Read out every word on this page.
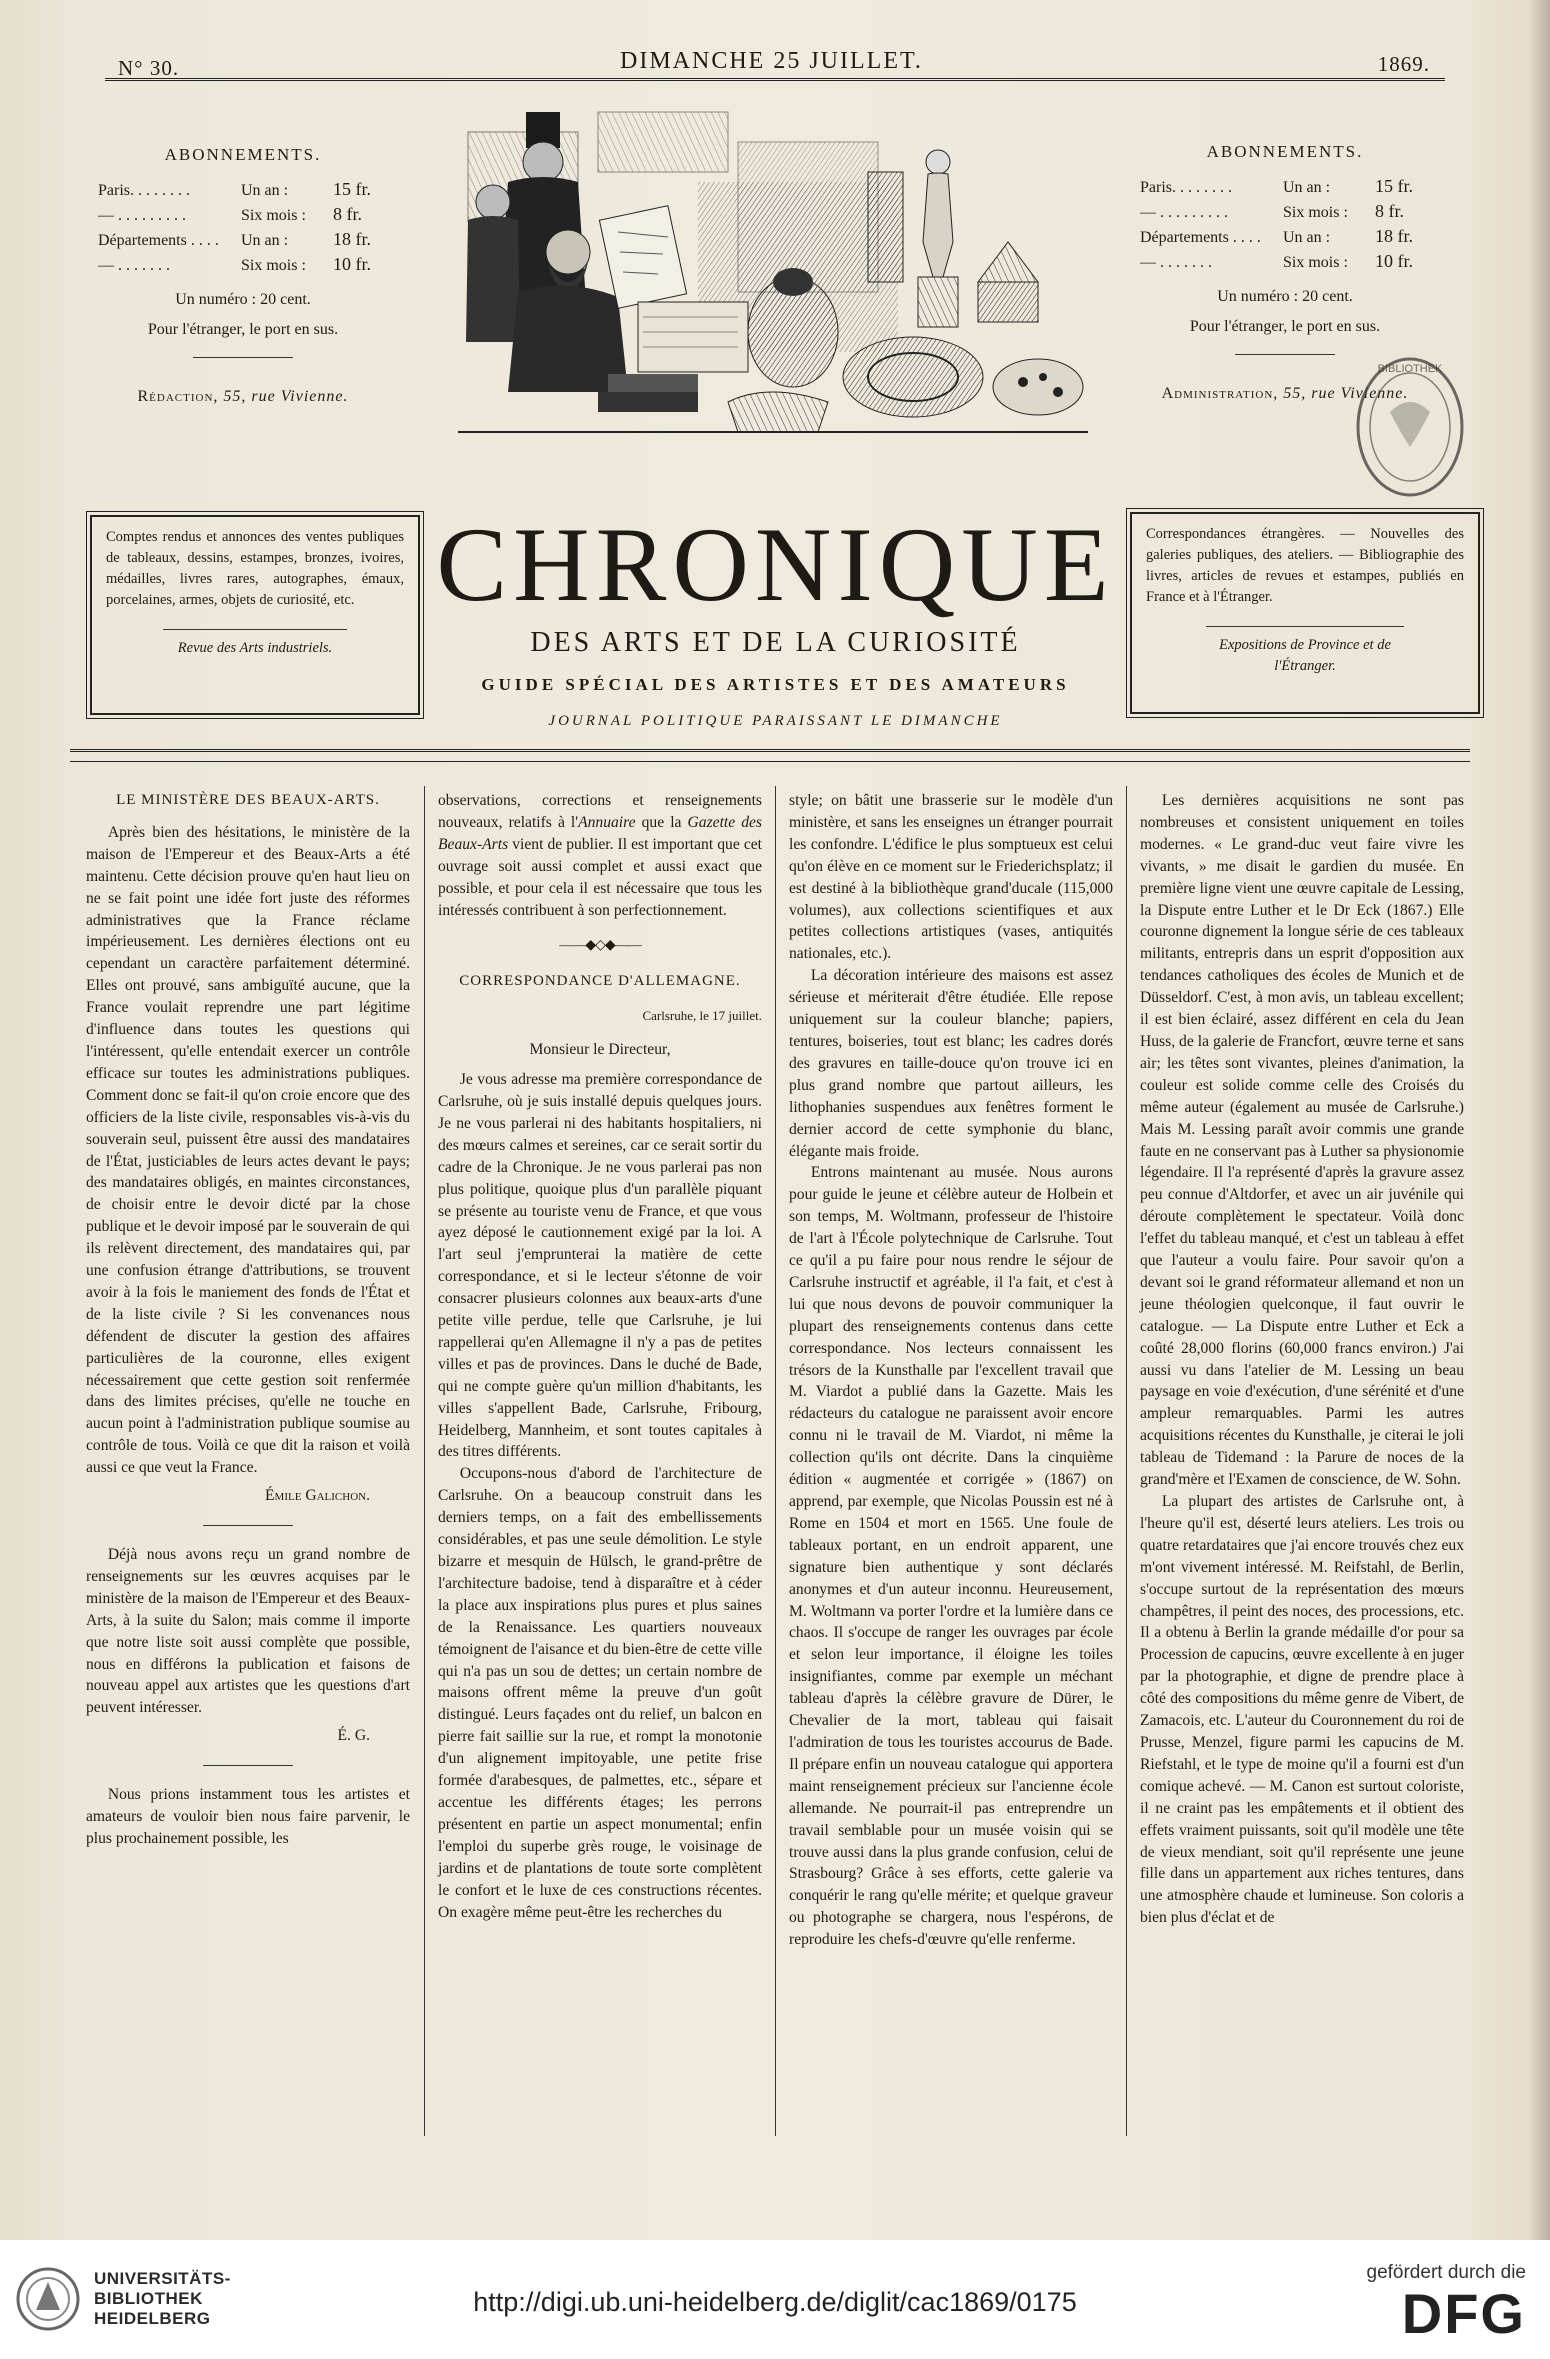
N° 30.	DIMANCHE 25 JUILLET.	1869.
ABONNEMENTS.
Paris. . . . . . . .	Un an :	15 fr.
— . . . . . . . . .	Six mois :	8 fr.
Départements . . . .	Un an :	18 fr.
— . . . . . . .	Six mois :	10 fr.
Un numéro : 20 cent.
Pour l'étranger, le port en sus.
Rédaction, 55, rue Vivienne.
ABONNEMENTS.
Paris. . . . . . . .	Un an :	15 fr.
— . . . . . . . . .	Six mois :	8 fr.
Départements . . . .	Un an :	18 fr.
— . . . . . . .	Six mois :	10 fr.
Un numéro : 20 cent.
Pour l'étranger, le port en sus.
Administration, 55, rue Vivienne.
BIBLIOTHEK
Comptes rendus et annonces des ventes publiques de tableaux, dessins, estampes, bronzes, ivoires, médailles, livres rares, autographes, émaux, porcelaines, armes, objets de curiosité, etc.
Revue des Arts industriels.
Correspondances étrangères. — Nouvelles des galeries publiques, des ateliers. — Bibliographie des livres, articles de revues et estampes, publiés en France et à l'Étranger.
Expositions de Province et de l'Étranger.
CHRONIQUE
DES ARTS ET DE LA CURIOSITÉ
GUIDE SPÉCIAL DES ARTISTES ET DES AMATEURS
JOURNAL POLITIQUE PARAISSANT LE DIMANCHE

LE MINISTÈRE DES BEAUX-ARTS.

Après bien des hésitations, le ministère de la maison de l'Empereur et des Beaux-Arts a été maintenu. Cette décision prouve qu'en haut lieu on ne se fait point une idée fort juste des réformes administratives que la France réclame impérieusement. Les dernières élections ont eu cependant un caractère parfaitement déterminé. Elles ont prouvé, sans ambiguïté aucune, que la France voulait reprendre une part légitime d'influence dans toutes les questions qui l'intéressent, qu'elle entendait exercer un contrôle efficace sur toutes les administrations publiques. Comment donc se fait-il qu'on croie encore que des officiers de la liste civile, responsables vis-à-vis du souverain seul, puissent être aussi des mandataires de l'État, justiciables de leurs actes devant le pays; des mandataires obligés, en maintes circonstances, de choisir entre le devoir dicté par la chose publique et le devoir imposé par le souverain de qui ils relèvent directement, des mandataires qui, par une confusion étrange d'attributions, se trouvent avoir à la fois le maniement des fonds de l'État et de la liste civile ? Si les convenances nous défendent de discuter la gestion des affaires particulières de la couronne, elles exigent nécessairement que cette gestion soit renfermée dans des limites précises, qu'elle ne touche en aucun point à l'administration publique soumise au contrôle de tous. Voilà ce que dit la raison et voilà aussi ce que veut la France.

Émile Galichon.

Déjà nous avons reçu un grand nombre de renseignements sur les œuvres acquises par le ministère de la maison de l'Empereur et des Beaux-Arts, à la suite du Salon; mais comme il importe que notre liste soit aussi complète que possible, nous en différons la publication et faisons de nouveau appel aux artistes que les questions d'art peuvent intéresser.

É. G.

Nous prions instamment tous les artistes et amateurs de vouloir bien nous faire parvenir, le plus prochainement possible, les

observations, corrections et renseignements nouveaux, relatifs à l'Annuaire que la Gazette des Beaux-Arts vient de publier. Il est important que cet ouvrage soit aussi complet et aussi exact que possible, et pour cela il est nécessaire que tous les intéressés contribuent à son perfectionnement.

——◆◇◆——

CORRESPONDANCE D'ALLEMAGNE.

Carlsruhe, le 17 juillet.

Monsieur le Directeur,

Je vous adresse ma première correspondance de Carlsruhe, où je suis installé depuis quelques jours. Je ne vous parlerai ni des habitants hospitaliers, ni des mœurs calmes et sereines, car ce serait sortir du cadre de la Chronique. Je ne vous parlerai pas non plus politique, quoique plus d'un parallèle piquant se présente au touriste venu de France, et que vous ayez déposé le cautionnement exigé par la loi. A l'art seul j'emprunterai la matière de cette correspondance, et si le lecteur s'étonne de voir consacrer plusieurs colonnes aux beaux-arts d'une petite ville perdue, telle que Carlsruhe, je lui rappellerai qu'en Allemagne il n'y a pas de petites villes et pas de provinces. Dans le duché de Bade, qui ne compte guère qu'un million d'habitants, les villes s'appellent Bade, Carlsruhe, Fribourg, Heidelberg, Mannheim, et sont toutes capitales à des titres différents.

Occupons-nous d'abord de l'architecture de Carlsruhe. On a beaucoup construit dans les derniers temps, on a fait des embellissements considérables, et pas une seule démolition. Le style bizarre et mesquin de Hülsch, le grand-prêtre de l'architecture badoise, tend à disparaître et à céder la place aux inspirations plus pures et plus saines de la Renaissance. Les quartiers nouveaux témoignent de l'aisance et du bien-être de cette ville qui n'a pas un sou de dettes; un certain nombre de maisons offrent même la preuve d'un goût distingué. Leurs façades ont du relief, un balcon en pierre fait saillie sur la rue, et rompt la monotonie d'un alignement impitoyable, une petite frise formée d'arabesques, de palmettes, etc., sépare et accentue les différents étages; les perrons présentent en partie un aspect monumental; enfin l'emploi du superbe grès rouge, le voisinage de jardins et de plantations de toute sorte complètent le confort et le luxe de ces constructions récentes. On exagère même peut-être les recherches du

style; on bâtit une brasserie sur le modèle d'un ministère, et sans les enseignes un étranger pourrait les confondre. L'édifice le plus somptueux est celui qu'on élève en ce moment sur le Friederichsplatz; il est destiné à la bibliothèque grand'ducale (115,000 volumes), aux collections scientifiques et aux petites collections artistiques (vases, antiquités nationales, etc.).

La décoration intérieure des maisons est assez sérieuse et mériterait d'être étudiée. Elle repose uniquement sur la couleur blanche; papiers, tentures, boiseries, tout est blanc; les cadres dorés des gravures en taille-douce qu'on trouve ici en plus grand nombre que partout ailleurs, les lithophanies suspendues aux fenêtres forment le dernier accord de cette symphonie du blanc, élégante mais froide.

Entrons maintenant au musée. Nous aurons pour guide le jeune et célèbre auteur de Holbein et son temps, M. Woltmann, professeur de l'histoire de l'art à l'École polytechnique de Carlsruhe. Tout ce qu'il a pu faire pour nous rendre le séjour de Carlsruhe instructif et agréable, il l'a fait, et c'est à lui que nous devons de pouvoir communiquer la plupart des renseignements contenus dans cette correspondance. Nos lecteurs connaissent les trésors de la Kunsthalle par l'excellent travail que M. Viardot a publié dans la Gazette. Mais les rédacteurs du catalogue ne paraissent avoir encore connu ni le travail de M. Viardot, ni même la collection qu'ils ont décrite. Dans la cinquième édition « augmentée et corrigée » (1867) on apprend, par exemple, que Nicolas Poussin est né à Rome en 1504 et mort en 1565. Une foule de tableaux portant, en un endroit apparent, une signature bien authentique y sont déclarés anonymes et d'un auteur inconnu. Heureusement, M. Woltmann va porter l'ordre et la lumière dans ce chaos. Il s'occupe de ranger les ouvrages par école et selon leur importance, il éloigne les toiles insignifiantes, comme par exemple un méchant tableau d'après la célèbre gravure de Dürer, le Chevalier de la mort, tableau qui faisait l'admiration de tous les touristes accourus de Bade. Il prépare enfin un nouveau catalogue qui apportera maint renseignement précieux sur l'ancienne école allemande. Ne pourrait-il pas entreprendre un travail semblable pour un musée voisin qui se trouve aussi dans la plus grande confusion, celui de Strasbourg? Grâce à ses efforts, cette galerie va conquérir le rang qu'elle mérite; et quelque graveur ou photographe se chargera, nous l'espérons, de reproduire les chefs-d'œuvre qu'elle renferme.

Les dernières acquisitions ne sont pas nombreuses et consistent uniquement en toiles modernes. « Le grand-duc veut faire vivre les vivants, » me disait le gardien du musée. En première ligne vient une œuvre capitale de Lessing, la Dispute entre Luther et le Dr Eck (1867.) Elle couronne dignement la longue série de ces tableaux militants, entrepris dans un esprit d'opposition aux tendances catholiques des écoles de Munich et de Düsseldorf. C'est, à mon avis, un tableau excellent; il est bien éclairé, assez différent en cela du Jean Huss, de la galerie de Francfort, œuvre terne et sans air; les têtes sont vivantes, pleines d'animation, la couleur est solide comme celle des Croisés du même auteur (également au musée de Carlsruhe.) Mais M. Lessing paraît avoir commis une grande faute en ne conservant pas à Luther sa physionomie légendaire. Il l'a représenté d'après la gravure assez peu connue d'Altdorfer, et avec un air juvénile qui déroute complètement le spectateur. Voilà donc l'effet du tableau manqué, et c'est un tableau à effet que l'auteur a voulu faire. Pour savoir qu'on a devant soi le grand réformateur allemand et non un jeune théologien quelconque, il faut ouvrir le catalogue. — La Dispute entre Luther et Eck a coûté 28,000 florins (60,000 francs environ.) J'ai aussi vu dans l'atelier de M. Lessing un beau paysage en voie d'exécution, d'une sérénité et d'une ampleur remarquables. Parmi les autres acquisitions récentes du Kunsthalle, je citerai le joli tableau de Tidemand : la Parure de noces de la grand'mère et l'Examen de conscience, de W. Sohn.

La plupart des artistes de Carlsruhe ont, à l'heure qu'il est, déserté leurs ateliers. Les trois ou quatre retardataires que j'ai encore trouvés chez eux m'ont vivement intéressé. M. Reifstahl, de Berlin, s'occupe surtout de la représentation des mœurs champêtres, il peint des noces, des processions, etc. Il a obtenu à Berlin la grande médaille d'or pour sa Procession de capucins, œuvre excellente à en juger par la photographie, et digne de prendre place à côté des compositions du même genre de Vibert, de Zamacois, etc. L'auteur du Couronnement du roi de Prusse, Menzel, figure parmi les capucins de M. Riefstahl, et le type de moine qu'il a fourni est d'un comique achevé. — M. Canon est surtout coloriste, il ne craint pas les empâtements et il obtient des effets vraiment puissants, soit qu'il modèle une tête de vieux mendiant, soit qu'il représente une jeune fille dans un appartement aux riches tentures, dans une atmosphère chaude et lumineuse. Son coloris a bien plus d'éclat et de

UNIVERSITÄTS-
BIBLIOTHEK
HEIDELBERG
http://digi.ub.uni-heidelberg.de/diglit/cac1869/0175
gefördert durch die
DFG
